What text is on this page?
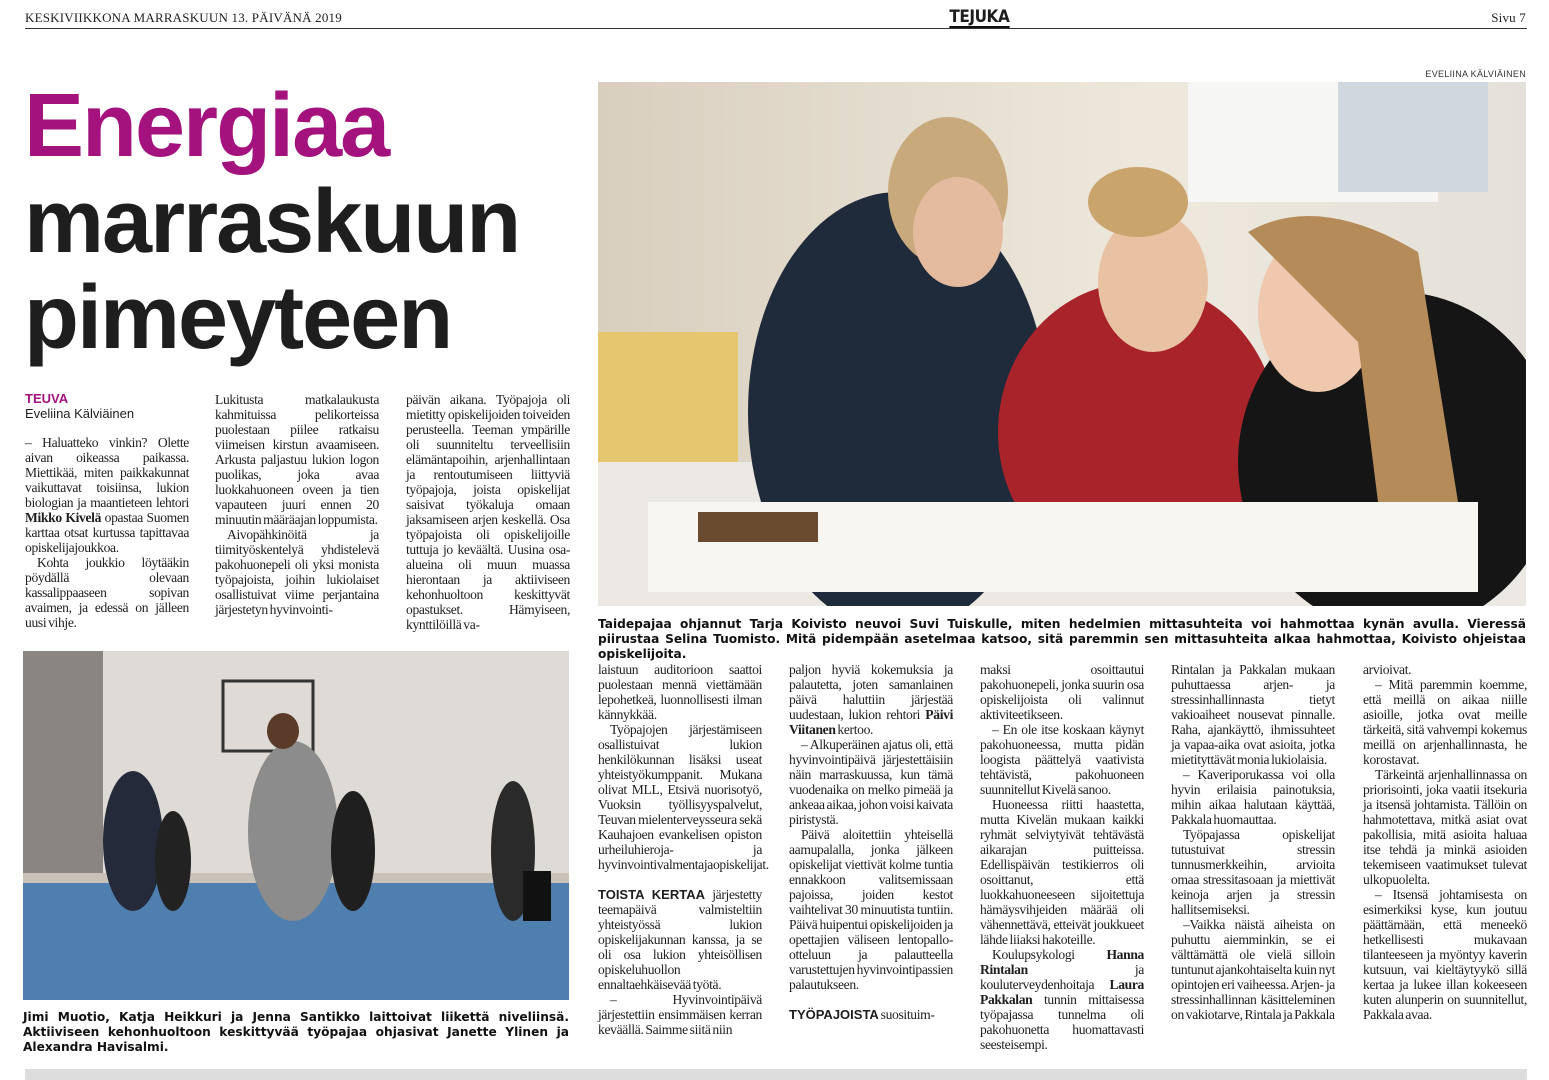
KESKIVIIKKONA MARRASKUUN 13. PÄIVÄNÄ 2019	TEJUKA	Sivu 7
Energiaa
marraskuun
pimeyteen
TEUVA
Eveliina Kälviäinen

– Haluatteko vinkin? Olette aivan oikeassa paikassa. Miettikää, miten paikkakunnat vaikuttavat toisiinsa, lukion biologian ja maantieteen lehtori Mikko Kivelä opastaa Suomen karttaa otsat kurtussa tapittavaa opiskelijajoukkoa.

Kohta joukkio löytääkin pöydällä olevaan kassalippaaseen sopivan avaimen, ja edessä on jälleen uusi vihje.

Lukitusta matkalaukusta kahmituissa pelikorteissa puolestaan piilee ratkaisu viimeisen kirstun avaamiseen. Arkusta paljastuu lukion logon puolikas, joka avaa luokkahuoneen oveen ja tien vapauteen juuri ennen 20 minuutin määräajan loppumista.

Aivopähkinöitä ja tiimityöskentelyä yhdistelevä pakohuonepeli oli yksi monista työpajoista, joihin lukiolaiset osallistuivat viime perjantaina järjestetyn hyvinvointi-

päivän aikana. Työpajoja oli mietitty opiskelijoiden toiveiden perusteella. Teeman ympärille oli suunniteltu terveellisiin elämäntapoihin, arjenhallintaan ja rentoutumiseen liittyviä työpajoja, joista opiskelijat saisivat työkaluja omaan jaksamiseen arjen keskellä. Osa työpajoista oli opiskelijoille tuttuja jo keväältä. Uusina osa-alueina oli muun muassa hierontaan ja aktiiviseen kehonhuoltoon keskittyvät opastukset. Hämyiseen, kynttilöillä va-

EVELIINA KÄLVIÄINEN
Taidepajaa ohjannut Tarja Koivisto neuvoi Suvi Tuiskulle, miten hedelmien mittasuhteita voi hahmottaa kynän avulla. Vieressä piirustaa Selina Tuomisto. Mitä pidempään asetelmaa katsoo, sitä paremmin sen mittasuhteita alkaa hahmottaa, Koivisto ohjeistaa opiskelijoita.
Jimi Muotio, Katja Heikkuri ja Jenna Santikko laittoivat liikettä niveliinsä. Aktiiviseen kehonhuoltoon keskittyvää työpajaa ohjasivat Janette Ylinen ja Alexandra Havisalmi.

laistuun auditorioon saattoi puolestaan mennä viettämään lepohetkeä, luonnollisesti ilman kännykkää.

Työpajojen järjestämiseen osallistuivat lukion henkilökunnan lisäksi useat yhteistyökumppanit. Mukana olivat MLL, Etsivä nuorisotyö, Vuoksin työllisyyspalvelut, Teuvan mielenterveysseura sekä Kauhajoen evankelisen opiston urheiluhieroja- ja hyvinvointivalmentajaopiskelijat.

TOISTA KERTAA järjestetty teemapäivä valmisteltiin yhteistyössä lukion opiskelijakunnan kanssa, ja se oli osa lukion yhteisöllisen opiskeluhuollon ennaltaehkäisevää työtä.

– Hyvinvointipäivä järjestettiin ensimmäisen kerran keväällä. Saimme siitä niin

paljon hyviä kokemuksia ja palautetta, joten samanlainen päivä haluttiin järjestää uudestaan, lukion rehtori Päivi Viitanen kertoo.

– Alkuperäinen ajatus oli, että hyvinvointipäivä järjestettäisiin näin marraskuussa, kun tämä vuodenaika on melko pimeää ja ankeaa aikaa, johon voisi kaivata piristystä.

Päivä aloitettiin yhteisellä aamupalalla, jonka jälkeen opiskelijat viettivät kolme tuntia ennakkoon valitsemissaan pajoissa, joiden kestot vaihtelivat 30 minuutista tuntiin. Päivä huipentui opiskelijoiden ja opettajien väliseen lentopallo-otteluun ja palautteella varustettujen hyvinvointipassien palautukseen.

TYÖPAJOISTA suosituim-

maksi osoittautui pakohuonepeli, jonka suurin osa opiskelijoista oli valinnut aktiviteetikseen.

– En ole itse koskaan käynyt pakohuoneessa, mutta pidän loogista päättelyä vaativista tehtävistä, pakohuoneen suunnitellut Kivelä sanoo.

Huoneessa riitti haastetta, mutta Kivelän mukaan kaikki ryhmät selviytyivät tehtävästä aikarajan puitteissa. Edellispäivän testikierros oli osoittanut, että luokkahuoneeseen sijoitettuja hämäysvihjeiden määrää oli vähennettävä, etteivät joukkueet lähde liiaksi hakoteille.

Koulupsykologi Hanna Rintalan ja kouluterveydenhoitaja Laura Pakkalan tunnin mittaisessa työpajassa tunnelma oli pakohuonetta huomattavasti seesteisempi.

Rintalan ja Pakkalan mukaan puhuttaessa arjen- ja stressinhallinnasta tietyt vakioaiheet nousevat pinnalle. Raha, ajankäyttö, ihmissuhteet ja vapaa-aika ovat asioita, jotka mietityttävät monia lukiolaisia.

– Kaveriporukassa voi olla hyvin erilaisia painotuksia, mihin aikaa halutaan käyttää, Pakkala huomauttaa.

Työpajassa opiskelijat tutustuivat stressin tunnusmerkkeihin, arvioita omaa stressitasoaan ja miettivät keinoja arjen ja stressin hallitsemiseksi.

–Vaikka näistä aiheista on puhuttu aiemminkin, se ei välttämättä ole vielä silloin tuntunut ajankohtaiselta kuin nyt opintojen eri vaiheessa. Arjen- ja stressinhallinnan käsitteleminen on vakiotarve, Rintala ja Pakkala

arvioivat.

– Mitä paremmin koemme, että meillä on aikaa niille asioille, jotka ovat meille tärkeitä, sitä vahvempi kokemus meillä on arjenhallinnasta, he korostavat.

Tärkeintä arjenhallinnassa on priorisointi, joka vaatii itsekuria ja itsensä johtamista. Tällöin on hahmotettava, mitkä asiat ovat pakollisia, mitä asioita haluaa itse tehdä ja minkä asioiden tekemiseen vaatimukset tulevat ulkopuolelta.

– Itsensä johtamisesta on esimerkiksi kyse, kun joutuu päättämään, että meneekö hetkellisesti mukavaan tilanteeseen ja myöntyy kaverin kutsuun, vai kieltäytyykö sillä kertaa ja lukee illan kokeeseen kuten alunperin on suunnitellut, Pakkala avaa.
